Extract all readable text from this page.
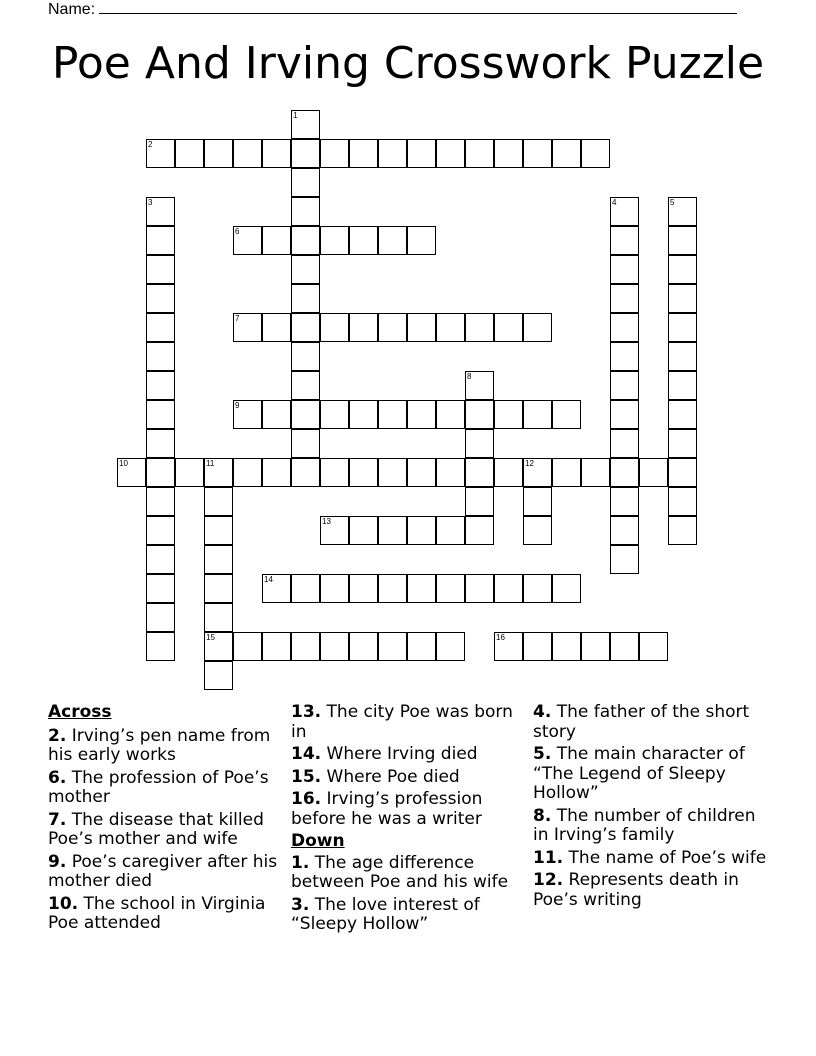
Name:
Poe And Irving Crosswork Puzzle
1
2
3	4	5
6
7
8
9
10	11	12
15
13
14
16
Across
2. Irving’s pen name from his early works
6. The profession of Poe’s mother
7. The disease that killed Poe’s mother and wife
9. Poe’s caregiver after his mother died
10. The school in Virginia Poe attended
13. The city Poe was born in
14. Where Irving died
15. Where Poe died
16. Irving’s profession before he was a writer
Down
1. The age difference between Poe and his wife
3. The love interest of “Sleepy Hollow”
4. The father of the short story
5. The main character of “The Legend of Sleepy Hollow”
8. The number of children in Irving’s family
11. The name of Poe’s wife
12. Represents death in Poe’s writing
